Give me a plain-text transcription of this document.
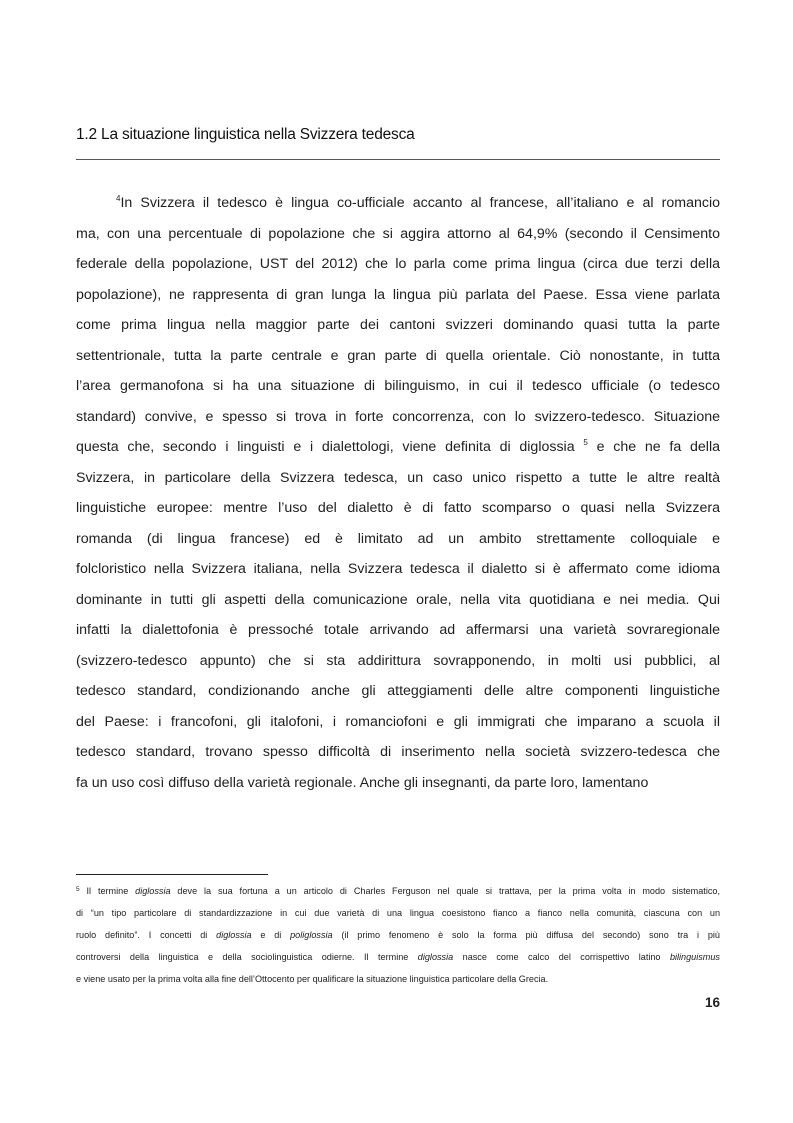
1.2 La situazione linguistica nella Svizzera tedesca
$^4$In Svizzera il tedesco è lingua co-ufficiale accanto al francese, all’italiano e al romancio
ma, con una percentuale di popolazione che si aggira attorno al 64,9% (secondo il Censimento
federale della popolazione, UST del 2012) che lo parla come prima lingua (circa due terzi della
popolazione), ne rappresenta di gran lunga la lingua più parlata del Paese. Essa viene parlata
come prima lingua nella maggior parte dei cantoni svizzeri dominando quasi tutta la parte
settentrionale, tutta la parte centrale e gran parte di quella orientale. Ciò nonostante, in tutta
l’area germanofona si ha una situazione di bilinguismo, in cui il tedesco ufficiale (o tedesco
standard) convive, e spesso si trova in forte concorrenza, con lo svizzero-tedesco. Situazione
questa che, secondo i linguisti e i dialettologi, viene definita di diglossia $^5$ e che ne fa della
Svizzera, in particolare della Svizzera tedesca, un caso unico rispetto a tutte le altre realtà
linguistiche europee: mentre l’uso del dialetto è di fatto scomparso o quasi nella Svizzera
romanda (di lingua francese) ed è limitato ad un ambito strettamente colloquiale e
folcloristico nella Svizzera italiana, nella Svizzera tedesca il dialetto si è affermato come idioma
dominante in tutti gli aspetti della comunicazione orale, nella vita quotidiana e nei media. Qui
infatti la dialettofonia è pressoché totale arrivando ad affermarsi una varietà sovraregionale
(svizzero-tedesco appunto) che si sta addirittura sovrapponendo, in molti usi pubblici, al
tedesco standard, condizionando anche gli atteggiamenti delle altre componenti linguistiche
del Paese: i francofoni, gli italofoni, i romanciofoni e gli immigrati che imparano a scuola il
tedesco standard, trovano spesso difficoltà di inserimento nella società svizzero-tedesca che
fa un uso così diffuso della varietà regionale. Anche gli insegnanti, da parte loro, lamentano
$^5$ Il termine diglossia deve la sua fortuna a un articolo di Charles Ferguson nel quale si trattava, per la prima volta in modo sistematico,
di “un tipo particolare di standardizzazione in cui due varietà di una lingua coesistono fianco a fianco nella comunità, ciascuna con un
ruolo definito”. I concetti di diglossia e di poliglossia (il primo fenomeno è solo la forma più diffusa del secondo) sono tra i più
controversi della linguistica e della sociolinguistica odierne. Il termine diglossia nasce come calco del corrispettivo latino bilinguismus
e viene usato per la prima volta alla fine dell’Ottocento per qualificare la situazione linguistica particolare della Grecia.
16
